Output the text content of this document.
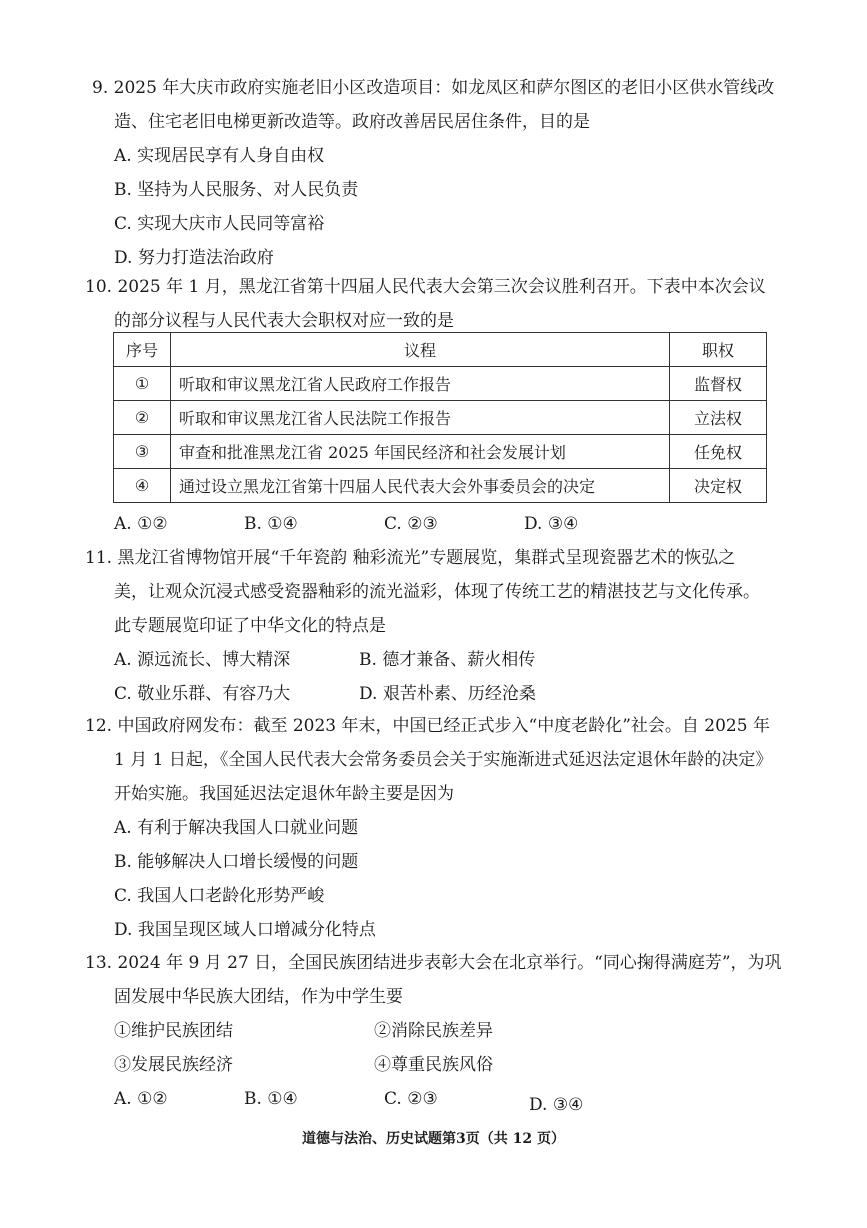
9. 2025 年大庆市政府实施老旧小区改造项目：如龙凤区和萨尔图区的老旧小区供水管线改
造、住宅老旧电梯更新改造等。政府改善居民居住条件，目的是
A. 实现居民享有人身自由权
B. 坚持为人民服务、对人民负责
C. 实现大庆市人民同等富裕
D. 努力打造法治政府
10. 2025 年 1 月，黑龙江省第十四届人民代表大会第三次会议胜利召开。下表中本次会议
的部分议程与人民代表大会职权对应一致的是
序号	议程	职权
①	听取和审议黑龙江省人民政府工作报告	监督权
②	听取和审议黑龙江省人民法院工作报告	立法权
③	审查和批准黑龙江省 2025 年国民经济和社会发展计划	任免权
④	通过设立黑龙江省第十四届人民代表大会外事委员会的决定	决定权
A. ①②	B. ①④	C. ②③	D. ③④
11. 黑龙江省博物馆开展“千年瓷韵 釉彩流光”专题展览，集群式呈现瓷器艺术的恢弘之
美，让观众沉浸式感受瓷器釉彩的流光溢彩，体现了传统工艺的精湛技艺与文化传承。
此专题展览印证了中华文化的特点是
A. 源远流长、博大精深	B. 德才兼备、薪火相传
C. 敬业乐群、有容乃大	D. 艰苦朴素、历经沧桑
12. 中国政府网发布：截至 2023 年末，中国已经正式步入“中度老龄化”社会。自 2025 年
1 月 1 日起，《全国人民代表大会常务委员会关于实施渐进式延迟法定退休年龄的决定》
开始实施。我国延迟法定退休年龄主要是因为
A. 有利于解决我国人口就业问题
B. 能够解决人口增长缓慢的问题
C. 我国人口老龄化形势严峻
D. 我国呈现区域人口增减分化特点
13. 2024 年 9 月 27 日，全国民族团结进步表彰大会在北京举行。“同心掬得满庭芳”，为巩
固发展中华民族大团结，作为中学生要
①维护民族团结	②消除民族差异
③发展民族经济	④尊重民族风俗
A. ①②	B. ①④	C. ②③	D. ③④
道德与法治、历史试题第3页（共 12 页）
